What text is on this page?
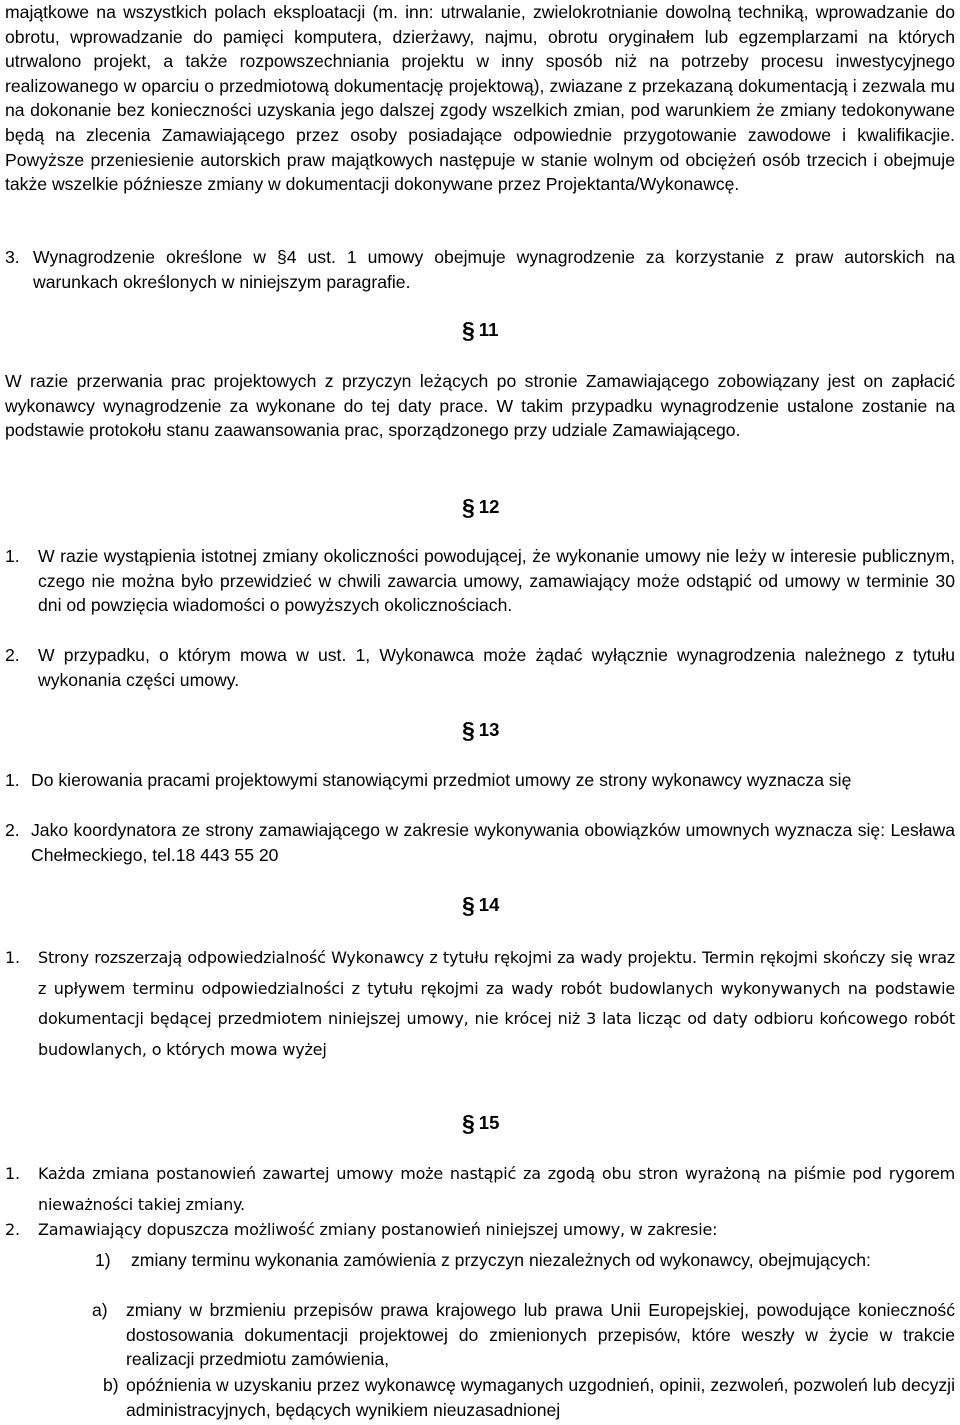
majątkowe na wszystkich polach eksploatacji (m. inn: utrwalanie, zwielokrotnianie dowolną techniką, wprowadzanie do obrotu, wprowadzanie do pamięci komputera, dzierżawy, najmu, obrotu oryginałem lub egzemplarzami na których utrwalono projekt, a także rozpowszechniania projektu w inny sposób niż na potrzeby procesu inwestycyjnego realizowanego w oparciu o przedmiotową dokumentację projektową), zwiazane z przekazaną dokumentacją i zezwala mu na dokonanie bez konieczności uzyskania jego dalszej zgody wszelkich zmian, pod warunkiem że zmiany tedokonywane będą na zlecenia Zamawiającego przez osoby posiadające odpowiednie przygotowanie zawodowe i kwalifikacjie. Powyższe przeniesienie autorskich praw majątkowych następuje w stanie wolnym od obciężeń osób trzecich i obejmuje także wszelkie późniesze zmiany w dokumentacji dokonywane przez Projektanta/Wykonawcę.

3. Wynagrodzenie określone w §4 ust. 1 umowy obejmuje wynagrodzenie za korzystanie z praw autorskich na warunkach określonych w niniejszym paragrafie.

§ 11

W razie przerwania prac projektowych z przyczyn leżących po stronie Zamawiającego zobowiązany jest on zapłacić wykonawcy wynagrodzenie za wykonane do tej daty prace. W takim przypadku wynagrodzenie ustalone zostanie na podstawie protokołu stanu zaawansowania prac, sporządzonego przy udziale Zamawiającego.

§ 12
1. W razie wystąpienia istotnej zmiany okoliczności powodującej, że wykonanie umowy nie leży w interesie publicznym, czego nie można było przewidzieć w chwili zawarcia umowy, zamawiający może odstąpić od umowy w terminie 30 dni od powzięcia wiadomości o powyższych okolicznościach.

2. W przypadku, o którym mowa w ust. 1, Wykonawca może żądać wyłącznie wynagrodzenia należnego z tytułu wykonania części umowy.

§ 13
1. Do kierowania pracami projektowymi stanowiącymi przedmiot umowy ze strony wykonawcy wyznacza się

2. Jako koordynatora ze strony zamawiającego w zakresie wykonywania obowiązków umownych wyznacza się: Lesława Chełmeckiego, tel.18 443 55 20

§ 14
1. Strony rozszerzają odpowiedzialność Wykonawcy z tytułu rękojmi za wady projektu. Termin rękojmi skończy się wraz z upływem terminu odpowiedzialności z tytułu rękojmi za wady robót budowlanych wykonywanych na podstawie dokumentacji będącej przedmiotem niniejszej umowy, nie krócej niż 3 lata licząc od daty odbioru końcowego robót budowlanych, o których mowa wyżej

§ 15
1. Każda zmiana postanowień zawartej umowy może nastąpić za zgodą obu stron wyrażoną na piśmie pod rygorem nieważności takiej zmiany.

2. Zamawiający dopuszcza możliwość zmiany postanowień niniejszej umowy, w zakresie:

1) zmiany terminu wykonania zamówienia z przyczyn niezależnych od wykonawcy, obejmujących:

a) zmiany w brzmieniu przepisów prawa krajowego lub prawa Unii Europejskiej, powodujące konieczność dostosowania dokumentacji projektowej do zmienionych przepisów, które weszły w życie w trakcie realizacji przedmiotu zamówienia,

b) opóźnienia w uzyskaniu przez wykonawcę wymaganych uzgodnień, opinii, zezwoleń, pozwoleń lub decyzji administracyjnych, będących wynikiem nieuzasadnionej
